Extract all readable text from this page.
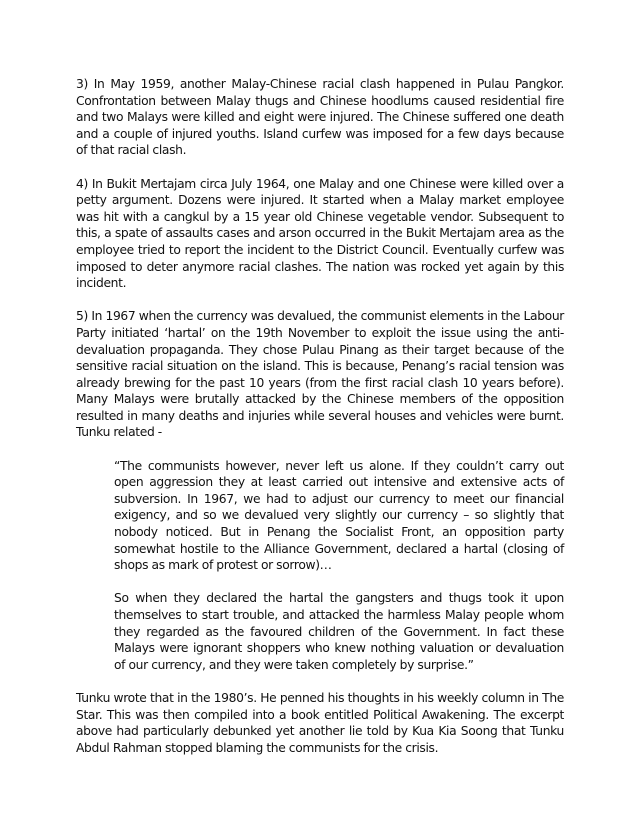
3) In May 1959, another Malay-Chinese racial clash happened in Pulau Pangkor. Confrontation between Malay thugs and Chinese hoodlums caused residential fire and two Malays were killed and eight were injured. The Chinese suffered one death and a couple of injured youths. Island curfew was imposed for a few days because of that racial clash.

4) In Bukit Mertajam circa July 1964, one Malay and one Chinese were killed over a petty argument. Dozens were injured. It started when a Malay market employee was hit with a cangkul by a 15 year old Chinese vegetable vendor. Subsequent to this, a spate of assaults cases and arson occurred in the Bukit Mertajam area as the employee tried to report the incident to the District Council. Eventually curfew was imposed to deter anymore racial clashes. The nation was rocked yet again by this incident.

5) In 1967 when the currency was devalued, the communist elements in the Labour Party initiated ‘hartal’ on the 19th November to exploit the issue using the anti-devaluation propaganda. They chose Pulau Pinang as their target because of the sensitive racial situation on the island. This is because, Penang’s racial tension was already brewing for the past 10 years (from the first racial clash 10 years before). Many Malays were brutally attacked by the Chinese members of the opposition resulted in many deaths and injuries while several houses and vehicles were burnt. Tunku related -

“The communists however, never left us alone. If they couldn’t carry out open aggression they at least carried out intensive and extensive acts of subversion. In 1967, we had to adjust our currency to meet our financial exigency, and so we devalued very slightly our currency – so slightly that nobody noticed. But in Penang the Socialist Front, an opposition party somewhat hostile to the Alliance Government, declared a hartal (closing of shops as mark of protest or sorrow)…

So when they declared the hartal the gangsters and thugs took it upon themselves to start trouble, and attacked the harmless Malay people whom they regarded as the favoured children of the Government. In fact these Malays were ignorant shoppers who knew nothing valuation or devaluation of our currency, and they were taken completely by surprise.”

Tunku wrote that in the 1980’s. He penned his thoughts in his weekly column in The Star. This was then compiled into a book entitled Political Awakening. The excerpt above had particularly debunked yet another lie told by Kua Kia Soong that Tunku Abdul Rahman stopped blaming the communists for the crisis.
